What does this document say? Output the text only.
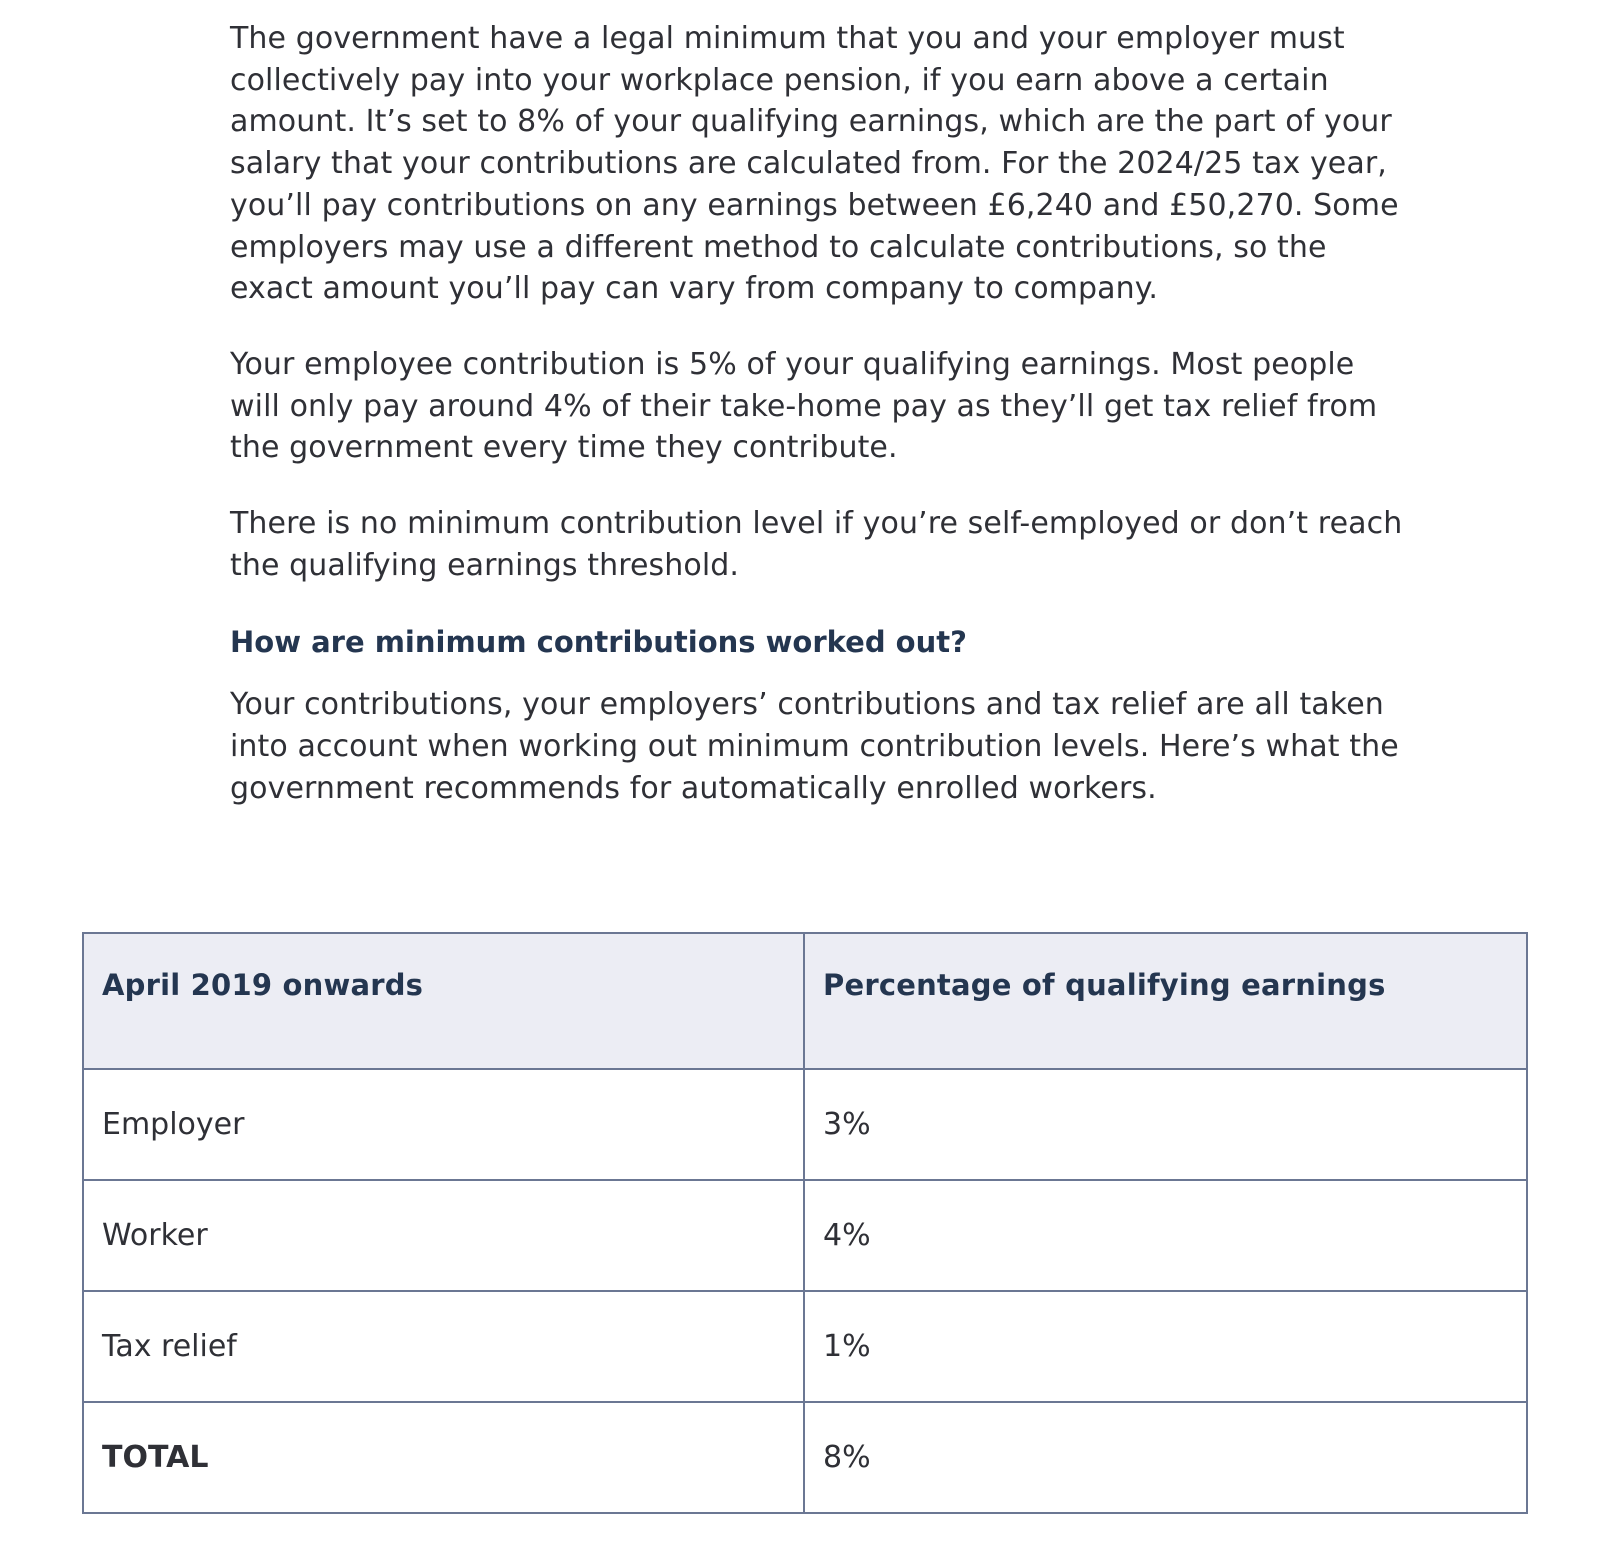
The government have a legal minimum that you and your employer must collectively pay into your workplace pension, if you earn above a certain amount. It’s set to 8% of your qualifying earnings, which are the part of your salary that your contributions are calculated from. For the 2024/25 tax year, you’ll pay contributions on any earnings between £6,240 and £50,270. Some employers may use a different method to calculate contributions, so the exact amount you’ll pay can vary from company to company.

Your employee contribution is 5% of your qualifying earnings. Most people will only pay around 4% of their take-home pay as they’ll get tax relief from the government every time they contribute.

There is no minimum contribution level if you’re self-employed or don’t reach the qualifying earnings threshold.

How are minimum contributions worked out?

Your contributions, your employers’ contributions and tax relief are all taken into account when working out minimum contribution levels. Here’s what the government recommends for automatically enrolled workers.

April 2019 onwards	Percentage of qualifying earnings
Employer	3%
Worker	4%
Tax relief	1%
TOTAL	8%
